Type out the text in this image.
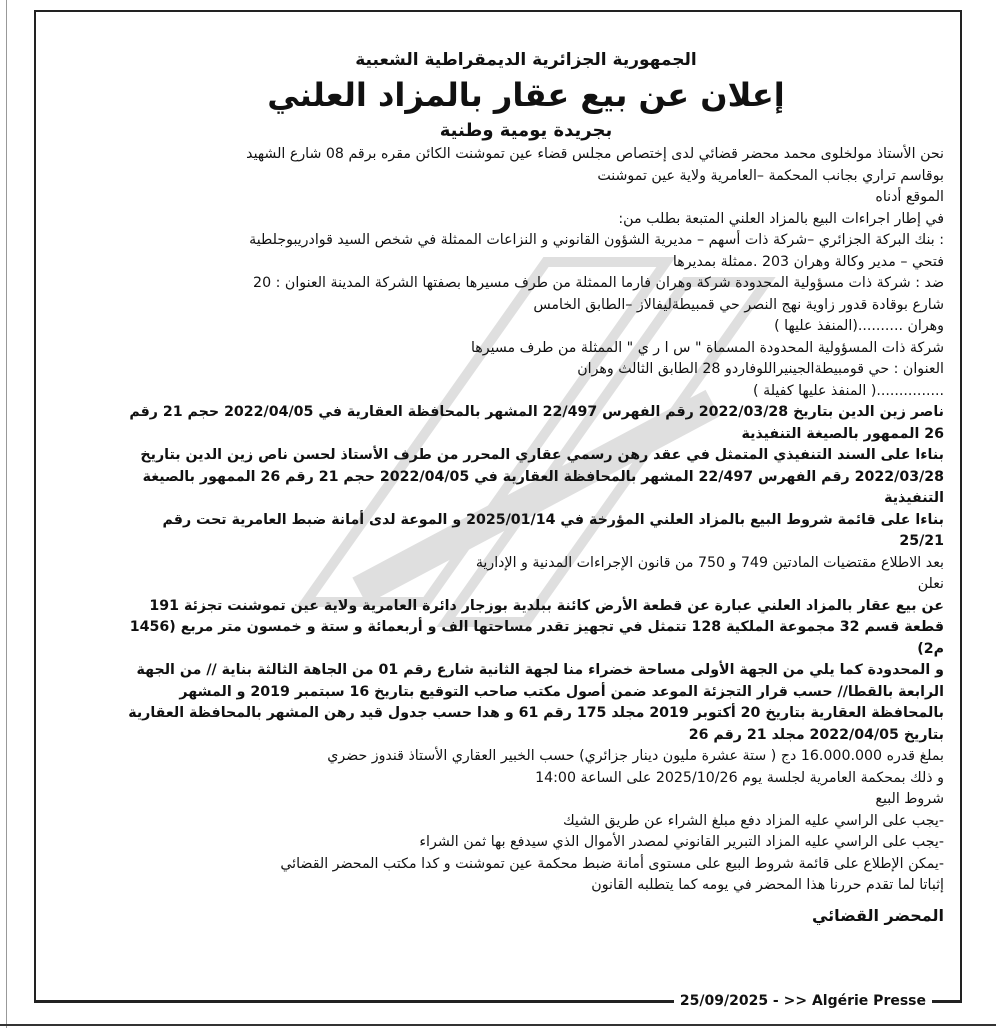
الجمهورية الجزائرية الديمقراطية الشعبية

إعلان عن بيع عقار بالمزاد العلني

بجريدة يومية وطنية

نحن الأستاذ مولخلوى محمد محضر قضائي لدى إختصاص مجلس قضاء عين تموشنت الكائن مقره برقم 08 شارع الشهيد

بوقاسم تراري بجانب المحكمة –العامرية ولاية عين تموشنت

الموقع أدناه

في إطار اجراءات البيع بالمزاد العلني المتبعة بطلب من:

: بنك البركة الجزائري –شركة ذات أسهم – مديرية الشؤون القانوني و النزاعات الممثلة في شخص السيد قوادريبوجلطية

فتحي – مدير وكالة وهران 203 .ممثلة بمديرها

ضد : شركة ذات مسؤولية المحدودة شركة وهران فارما الممثلة من طرف مسيرها بصفتها الشركة المدينة العنوان : 20

شارع بوقادة قدور زاوية نهج النصر حي قمبيطةليفالاز –الطابق الخامس

وهران ..........(المنفذ عليها )

شركة ذات المسؤولية المحدودة المسماة " س ا ر ي " الممثلة من طرف مسيرها

العنوان : حي قومبيطةالجينيراللوفاردو 28 الطابق الثالث وهران

...............( المنفذ عليها كفيلة )

ناصر زين الدين بتاريخ 2022/03/28 رقم الفهرس 22/497 المشهر بالمحافظة العقارية في 2022/04/05 حجم 21 رقم

26 الممهور بالصيغة التنفيذية

بناءا على السند التنفيذي المتمثل في عقد رهن رسمي عقاري المحرر من طرف الأستاذ لحسن ناص زين الدين بتاريخ

2022/03/28 رقم الفهرس 22/497 المشهر بالمحافظة العقارية في 2022/04/05 حجم 21 رقم 26 الممهور بالصيغة

التنفيذية

بناءا على قائمة شروط البيع بالمزاد العلني المؤرخة في 2025/01/14 و الموعة لدى أمانة ضبط العامرية تحت رقم

25/21

بعد الاطلاع مقتضيات المادتين 749 و 750 من قانون الإجراءات المدنية و الإدارية

نعلن

عن بيع عقار بالمزاد العلني عبارة عن قطعة الأرض كائنة ببلدية بوزجار دائرة العامرية ولاية عين تموشنت تجزئة 191

قطعة قسم 32 مجموعة الملكية 128 تتمثل في تجهيز تقدر مساحتها الف و أربعمائة و ستة و خمسون متر مربع (1456 م2)

و المحدودة كما يلي من الجهة الأولى مساحة خضراء منا لجهة الثانية شارع رقم 01 من الجاهة الثالثة بناية // من الجهة

الرابعة بالقطا// حسب قرار التجزئة الموعد ضمن أصول مكتب صاحب التوقيع بتاريخ 16 سبتمبر 2019 و المشهر

بالمحافظة العقارية بتاريخ 20 أكتوبر 2019 مجلد 175 رقم 61 و هدا حسب جدول قيد رهن المشهر بالمحافظة العقارية

بتاريخ 2022/04/05 مجلد 21 رقم 26

بملغ قدره 16.000.000 دج ( ستة عشرة مليون دينار جزائري) حسب الخبير العقاري الأستاذ قندوز حضري

و ذلك بمحكمة العامرية لجلسة يوم 2025/10/26 على الساعة 14:00

شروط البيع

-يجب على الراسي عليه المزاد دفع مبلغ الشراء عن طريق الشيك

-يجب على الراسي عليه المزاد التبرير القانوني لمصدر الأموال الذي سيدفع بها ثمن الشراء

-يمكن الإطلاع على قائمة شروط البيع على مستوى أمانة ضبط محكمة عين تموشنت و كدا مكتب المحضر القضائي

إثباتا لما تقدم حررنا هذا المحضر في يومه كما يتطلبه القانون

المحضر القضائي

25/09/2025 - >> Algérie Presse
